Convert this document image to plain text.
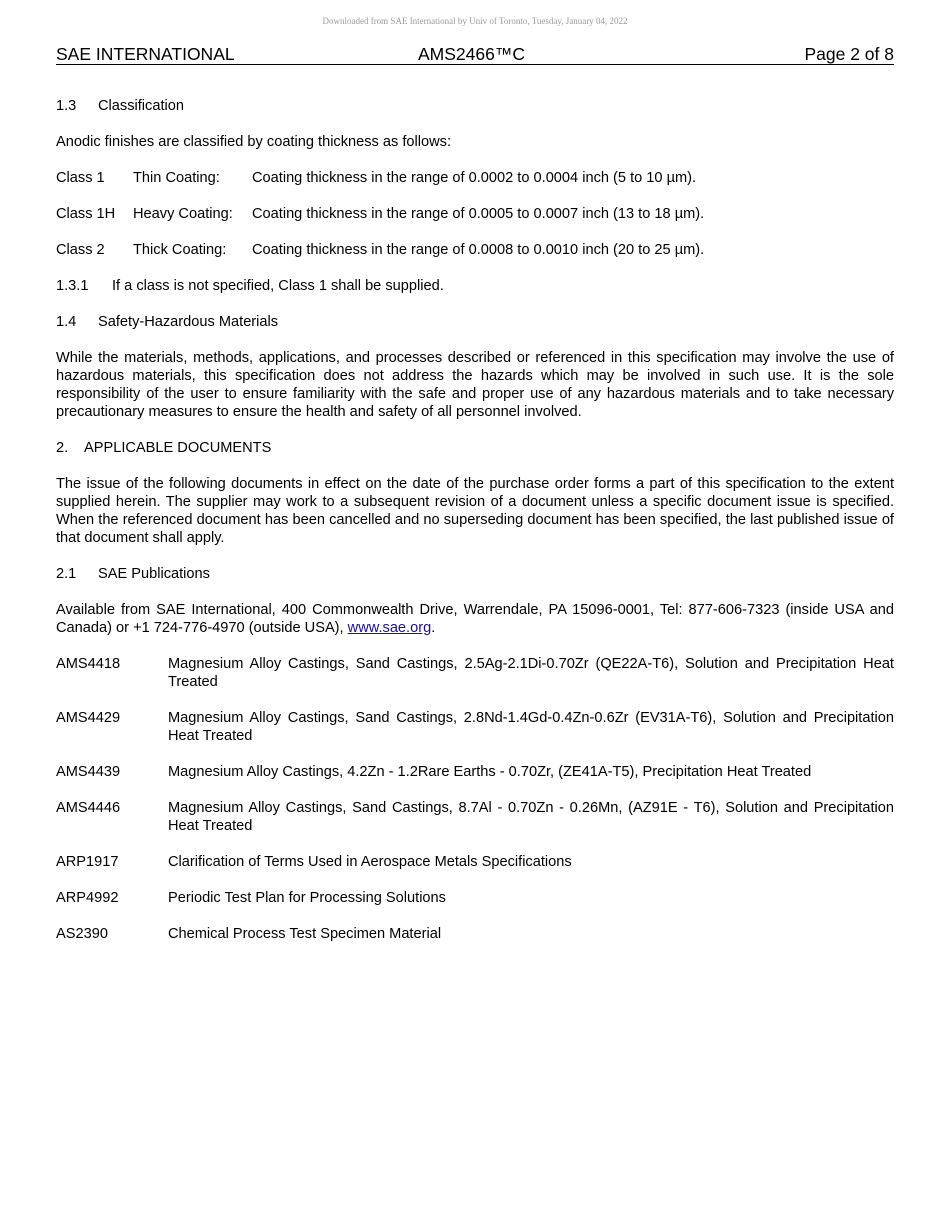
Downloaded from SAE International by Univ of Toronto, Tuesday, January 04, 2022
SAE INTERNATIONAL	AMS2466™C	Page 2 of 8

1.3 Classification

Anodic finishes are classified by coating thickness as follows:

Class 1	Thin Coating:	Coating thickness in the range of 0.0002 to 0.0004 inch (5 to 10 µm).
Class 1H	Heavy Coating:	Coating thickness in the range of 0.0005 to 0.0007 inch (13 to 18 µm).
Class 2	Thick Coating:	Coating thickness in the range of 0.0008 to 0.0010 inch (20 to 25 µm).

1.3.1 If a class is not specified, Class 1 shall be supplied.

1.4 Safety-Hazardous Materials

While the materials, methods, applications, and processes described or referenced in this specification may involve the use of hazardous materials, this specification does not address the hazards which may be involved in such use. It is the sole responsibility of the user to ensure familiarity with the safe and proper use of any hazardous materials and to take necessary precautionary measures to ensure the health and safety of all personnel involved.

2. APPLICABLE DOCUMENTS

The issue of the following documents in effect on the date of the purchase order forms a part of this specification to the extent supplied herein. The supplier may work to a subsequent revision of a document unless a specific document issue is specified. When the referenced document has been cancelled and no superseding document has been specified, the last published issue of that document shall apply.

2.1 SAE Publications

Available from SAE International, 400 Commonwealth Drive, Warrendale, PA 15096-0001, Tel: 877-606-7323 (inside USA and Canada) or +1 724-776-4970 (outside USA), www.sae.org.

AMS4418	Magnesium Alloy Castings, Sand Castings, 2.5Ag-2.1Di-0.70Zr (QE22A-T6), Solution and Precipitation Heat Treated
AMS4429	Magnesium Alloy Castings, Sand Castings, 2.8Nd-1.4Gd-0.4Zn-0.6Zr (EV31A-T6), Solution and Precipitation Heat Treated
AMS4439	Magnesium Alloy Castings, 4.2Zn - 1.2Rare Earths - 0.70Zr, (ZE41A-T5), Precipitation Heat Treated
AMS4446	Magnesium Alloy Castings, Sand Castings, 8.7Al - 0.70Zn - 0.26Mn, (AZ91E - T6), Solution and Precipitation Heat Treated
ARP1917	Clarification of Terms Used in Aerospace Metals Specifications
ARP4992	Periodic Test Plan for Processing Solutions
AS2390	Chemical Process Test Specimen Material
